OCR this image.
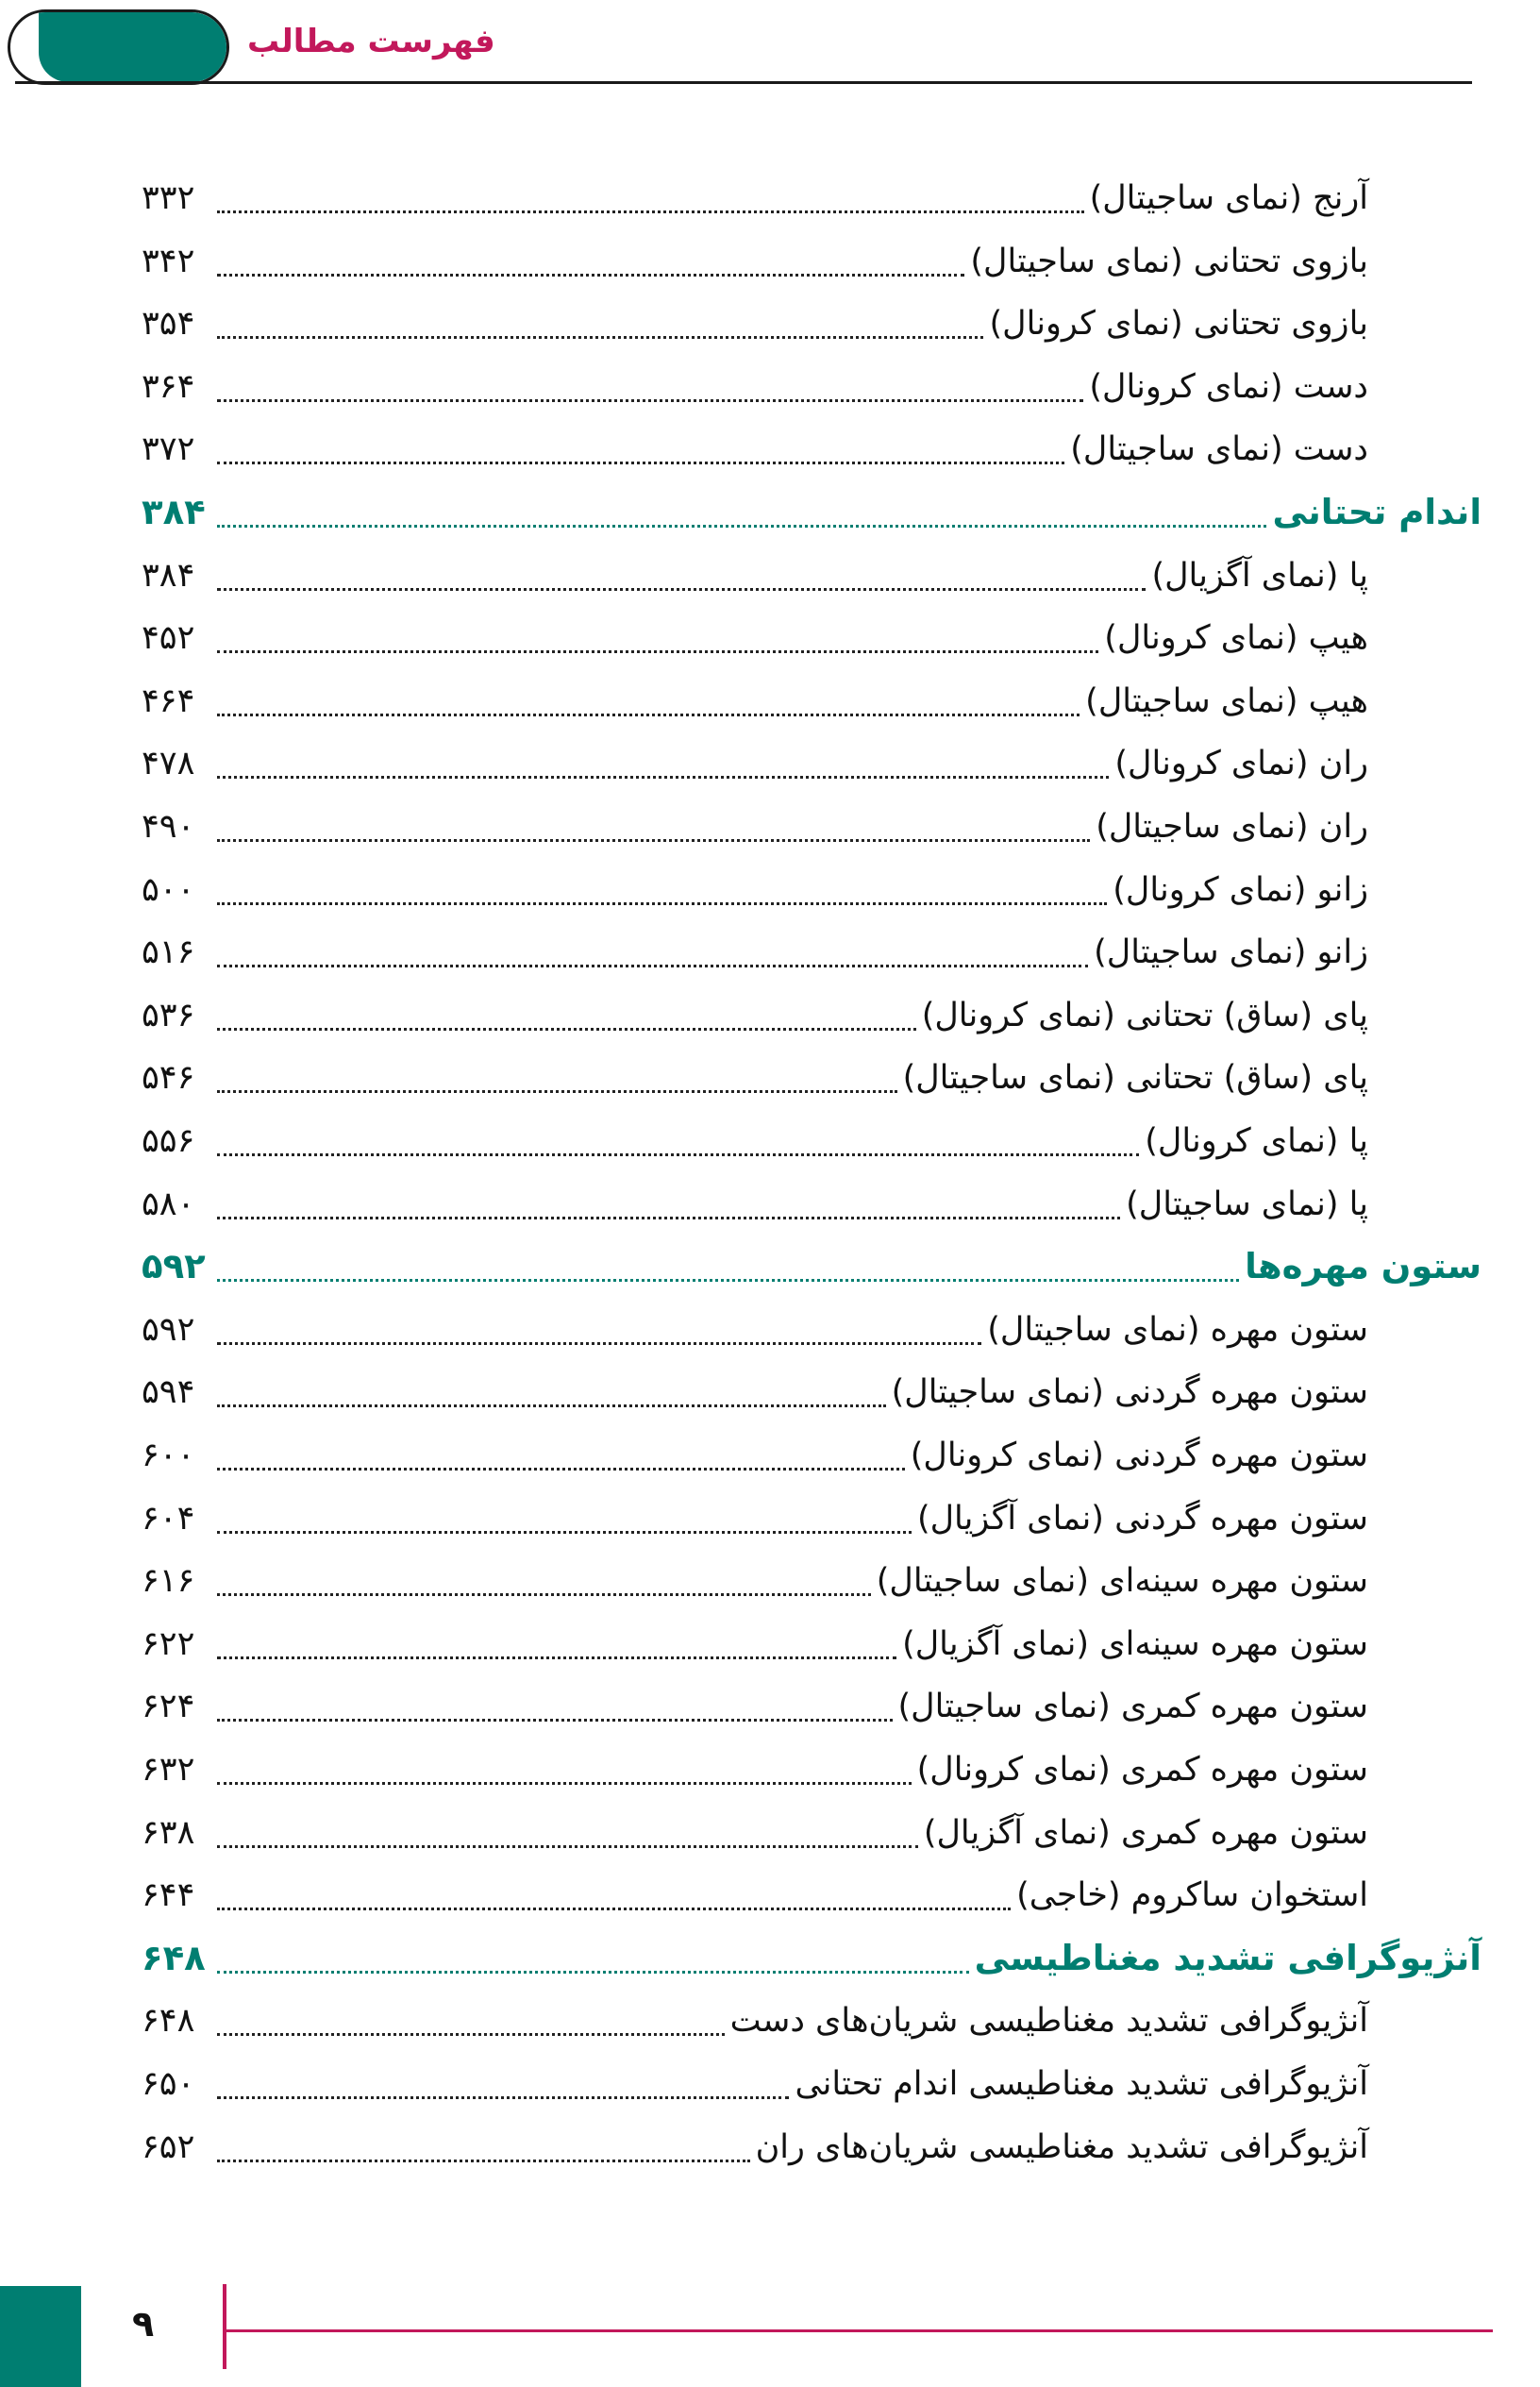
فهرست مطالب
آرنج (نمای ساجیتال)
۳۳۲
بازوی تحتانی (نمای ساجیتال)
۳۴۲
بازوی تحتانی (نمای کرونال)
۳۵۴
دست (نمای کرونال)
۳۶۴
دست (نمای ساجیتال)
۳۷۲
اندام تحتانی
۳۸۴
پا (نمای آگزیال)
۳۸۴
هیپ (نمای کرونال)
۴۵۲
هیپ (نمای ساجیتال)
۴۶۴
ران (نمای کرونال)
۴۷۸
ران (نمای ساجیتال)
۴۹۰
زانو (نمای کرونال)
۵۰۰
زانو (نمای ساجیتال)
۵۱۶
پای (ساق) تحتانی (نمای کرونال)
۵۳۶
پای (ساق) تحتانی (نمای ساجیتال)
۵۴۶
پا (نمای کرونال)
۵۵۶
پا (نمای ساجیتال)
۵۸۰
ستون مهره‌ها
۵۹۲
ستون مهره (نمای ساجیتال)
۵۹۲
ستون مهره گردنی (نمای ساجیتال)
۵۹۴
ستون مهره گردنی (نمای کرونال)
۶۰۰
ستون مهره گردنی (نمای آگزیال)
۶۰۴
ستون مهره سینه‌ای (نمای ساجیتال)
۶۱۶
ستون مهره سینه‌ای (نمای آگزیال)
۶۲۲
ستون مهره کمری (نمای ساجیتال)
۶۲۴
ستون مهره کمری (نمای کرونال)
۶۳۲
ستون مهره کمری (نمای آگزیال)
۶۳۸
استخوان ساکروم (خاجی)
۶۴۴
آنژیوگرافی تشدید مغناطیسی
۶۴۸
آنژیوگرافی تشدید مغناطیسی شریان‌های دست
۶۴۸
آنژیوگرافی تشدید مغناطیسی اندام تحتانی
۶۵۰
آنژیوگرافی تشدید مغناطیسی شریان‌های ران
۶۵۲
۹
